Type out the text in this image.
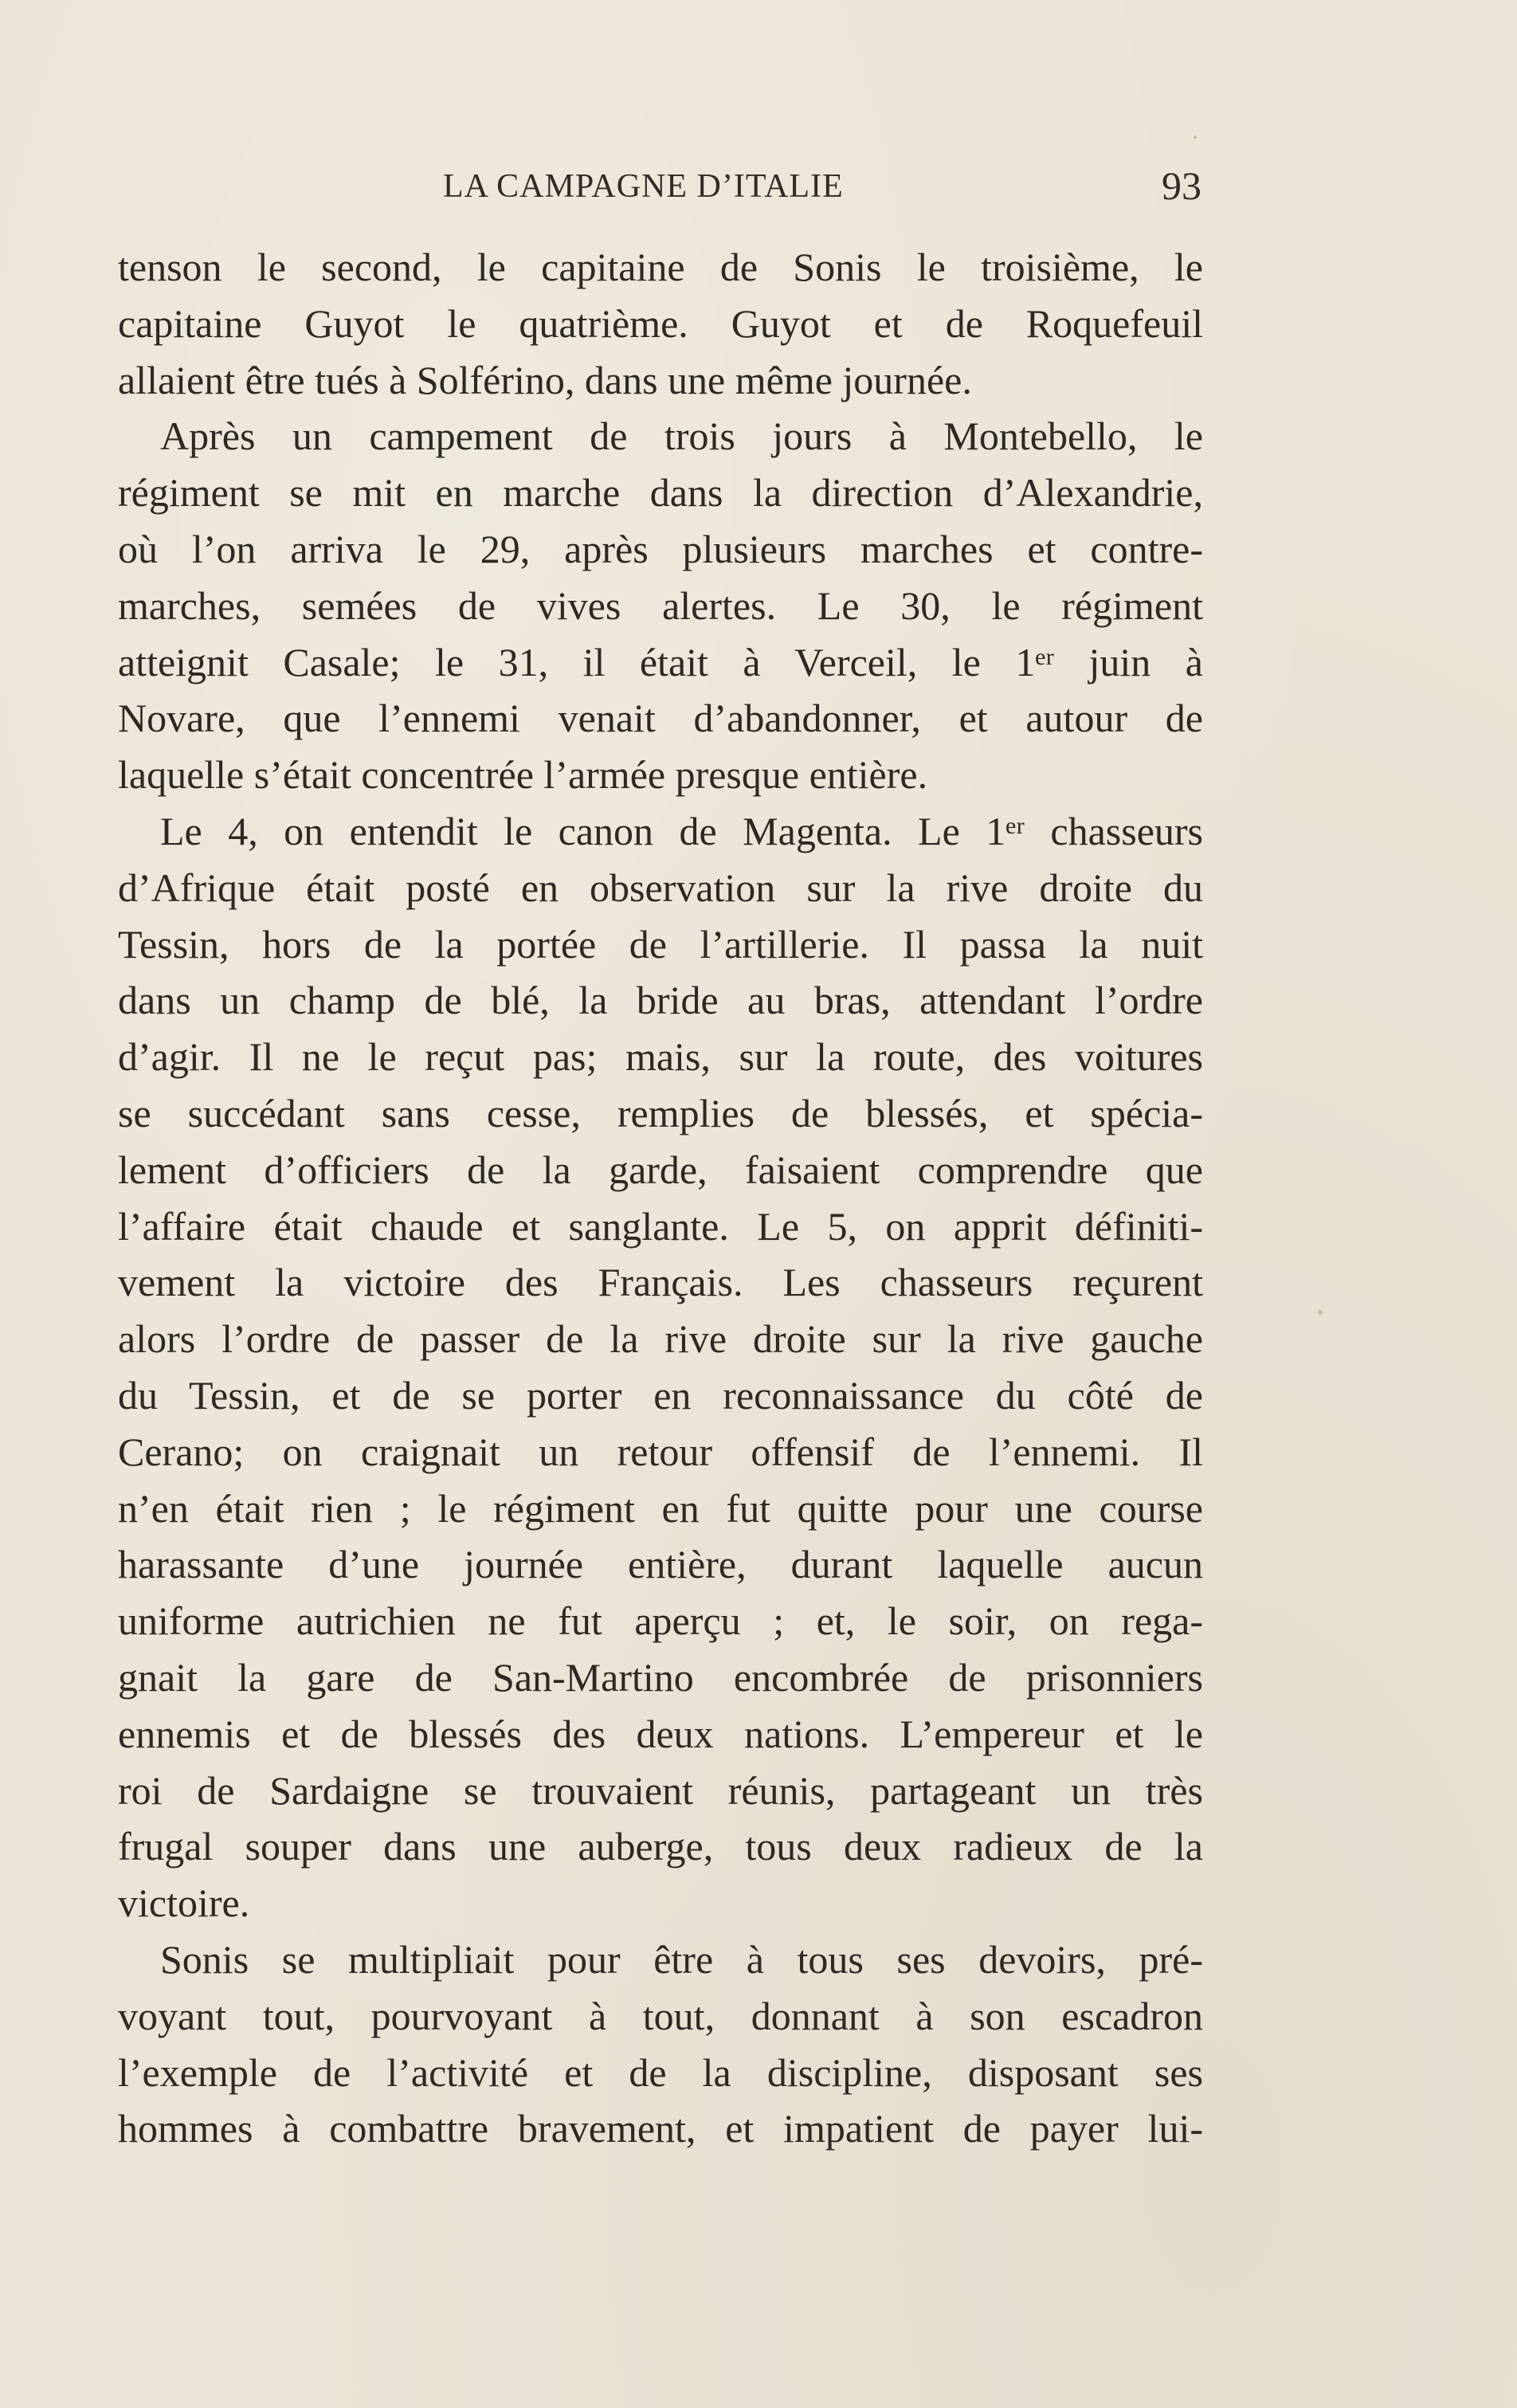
LA CAMPAGNE D’ITALIE	93
tenson le second, le capitaine de Sonis le troisième, le
capitaine Guyot le quatrième. Guyot et de Roquefeuil
allaient être tués à Solférino, dans une même journée.
Après un campement de trois jours à Montebello, le
régiment se mit en marche dans la direction d’Alexandrie,
où l’on arriva le 29, après plusieurs marches et contre-
marches, semées de vives alertes. Le 30, le régiment
atteignit Casale; le 31, il était à Verceil, le 1ᵉʳ juin à
Novare, que l’ennemi venait d’abandonner, et autour de
laquelle s’était concentrée l’armée presque entière.
Le 4, on entendit le canon de Magenta. Le 1ᵉʳ chasseurs
d’Afrique était posté en observation sur la rive droite du
Tessin, hors de la portée de l’artillerie. Il passa la nuit
dans un champ de blé, la bride au bras, attendant l’ordre
d’agir. Il ne le reçut pas; mais, sur la route, des voitures
se succédant sans cesse, remplies de blessés, et spécia-
lement d’officiers de la garde, faisaient comprendre que
l’affaire était chaude et sanglante. Le 5, on apprit définiti-
vement la victoire des Français. Les chasseurs reçurent
alors l’ordre de passer de la rive droite sur la rive gauche
du Tessin, et de se porter en reconnaissance du côté de
Cerano; on craignait un retour offensif de l’ennemi. Il
n’en était rien ; le régiment en fut quitte pour une course
harassante d’une journée entière, durant laquelle aucun
uniforme autrichien ne fut aperçu ; et, le soir, on rega-
gnait la gare de San-Martino encombrée de prisonniers
ennemis et de blessés des deux nations. L’empereur et le
roi de Sardaigne se trouvaient réunis, partageant un très
frugal souper dans une auberge, tous deux radieux de la
victoire.
Sonis se multipliait pour être à tous ses devoirs, pré-
voyant tout, pourvoyant à tout, donnant à son escadron
l’exemple de l’activité et de la discipline, disposant ses
hommes à combattre bravement, et impatient de payer lui-
